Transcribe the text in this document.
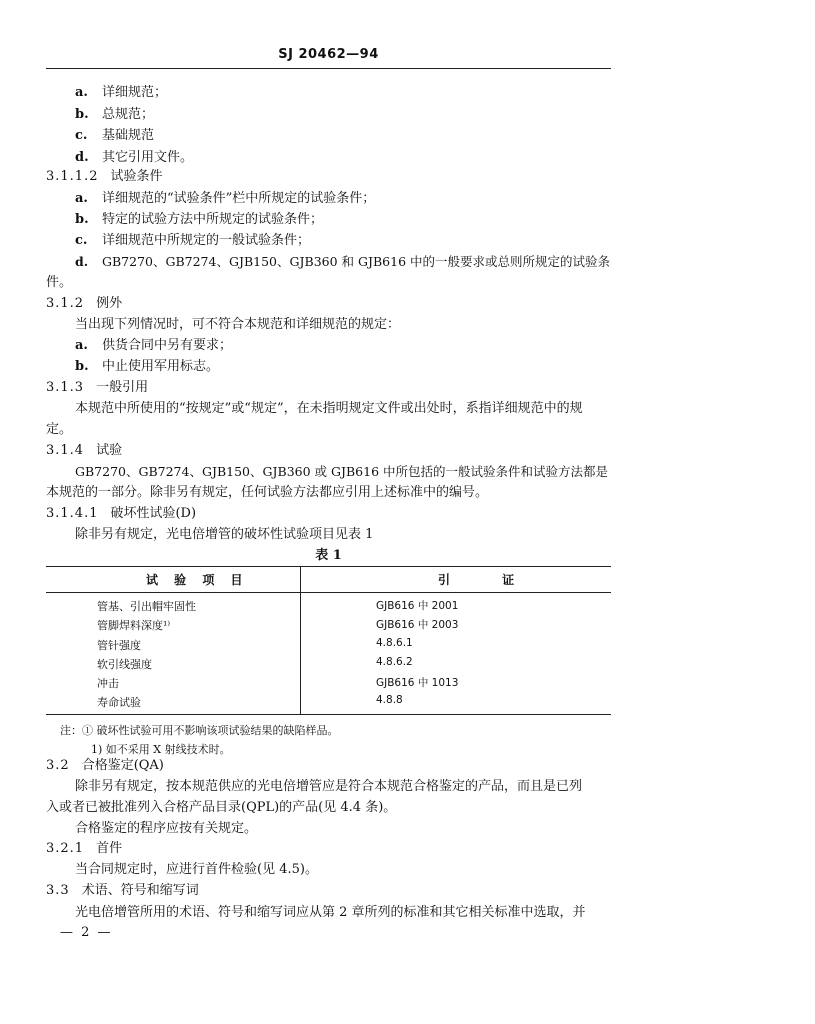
SJ 20462—94
a. 详细规范；
b. 总规范；
c. 基础规范
d. 其它引用文件。
3.1.1.2 试验条件
a. 详细规范的“试验条件”栏中所规定的试验条件；
b. 特定的试验方法中所规定的试验条件；
c. 详细规范中所规定的一般试验条件；
d. GB7270、GB7274、GJB150、GJB360 和 GJB616 中的一般要求或总则所规定的试验条
件。
3.1.2 例外
当出现下列情况时，可不符合本规范和详细规范的规定：
a. 供货合同中另有要求；
b. 中止使用军用标志。
3.1.3 一般引用
本规范中所使用的“按规定”或“规定”，在未指明规定文件或出处时，系指详细规范中的规
定。
3.1.4 试验
GB7270、GB7274、GJB150、GJB360 或 GJB616 中所包括的一般试验条件和试验方法都是
本规范的一部分。除非另有规定，任何试验方法都应引用上述标准中的编号。
3.1.4.1 破坏性试验(D)
除非另有规定，光电倍增管的破坏性试验项目见表 1
表 1
试 验 项 目	引 证
管基、引出帽牢固性	GJB616 中 2001
管脚焊料深度¹⁾	GJB616 中 2003
管针强度	4.8.6.1
软引线强度	4.8.6.2
冲击	GJB616 中 1013
寿命试验	4.8.8
注：① 破坏性试验可用不影响该项试验结果的缺陷样品。
1) 如不采用 X 射线技术时。
3.2 合格鉴定(QA)
除非另有规定，按本规范供应的光电倍增管应是符合本规范合格鉴定的产品，而且是已列
入或者已被批准列入合格产品目录(QPL)的产品(见 4.4 条)。
合格鉴定的程序应按有关规定。
3.2.1 首件
当合同规定时，应进行首件检验(见 4.5)。
3.3 术语、符号和缩写词
光电倍增管所用的术语、符号和缩写词应从第 2 章所列的标准和其它相关标准中选取，并
— 2 —
